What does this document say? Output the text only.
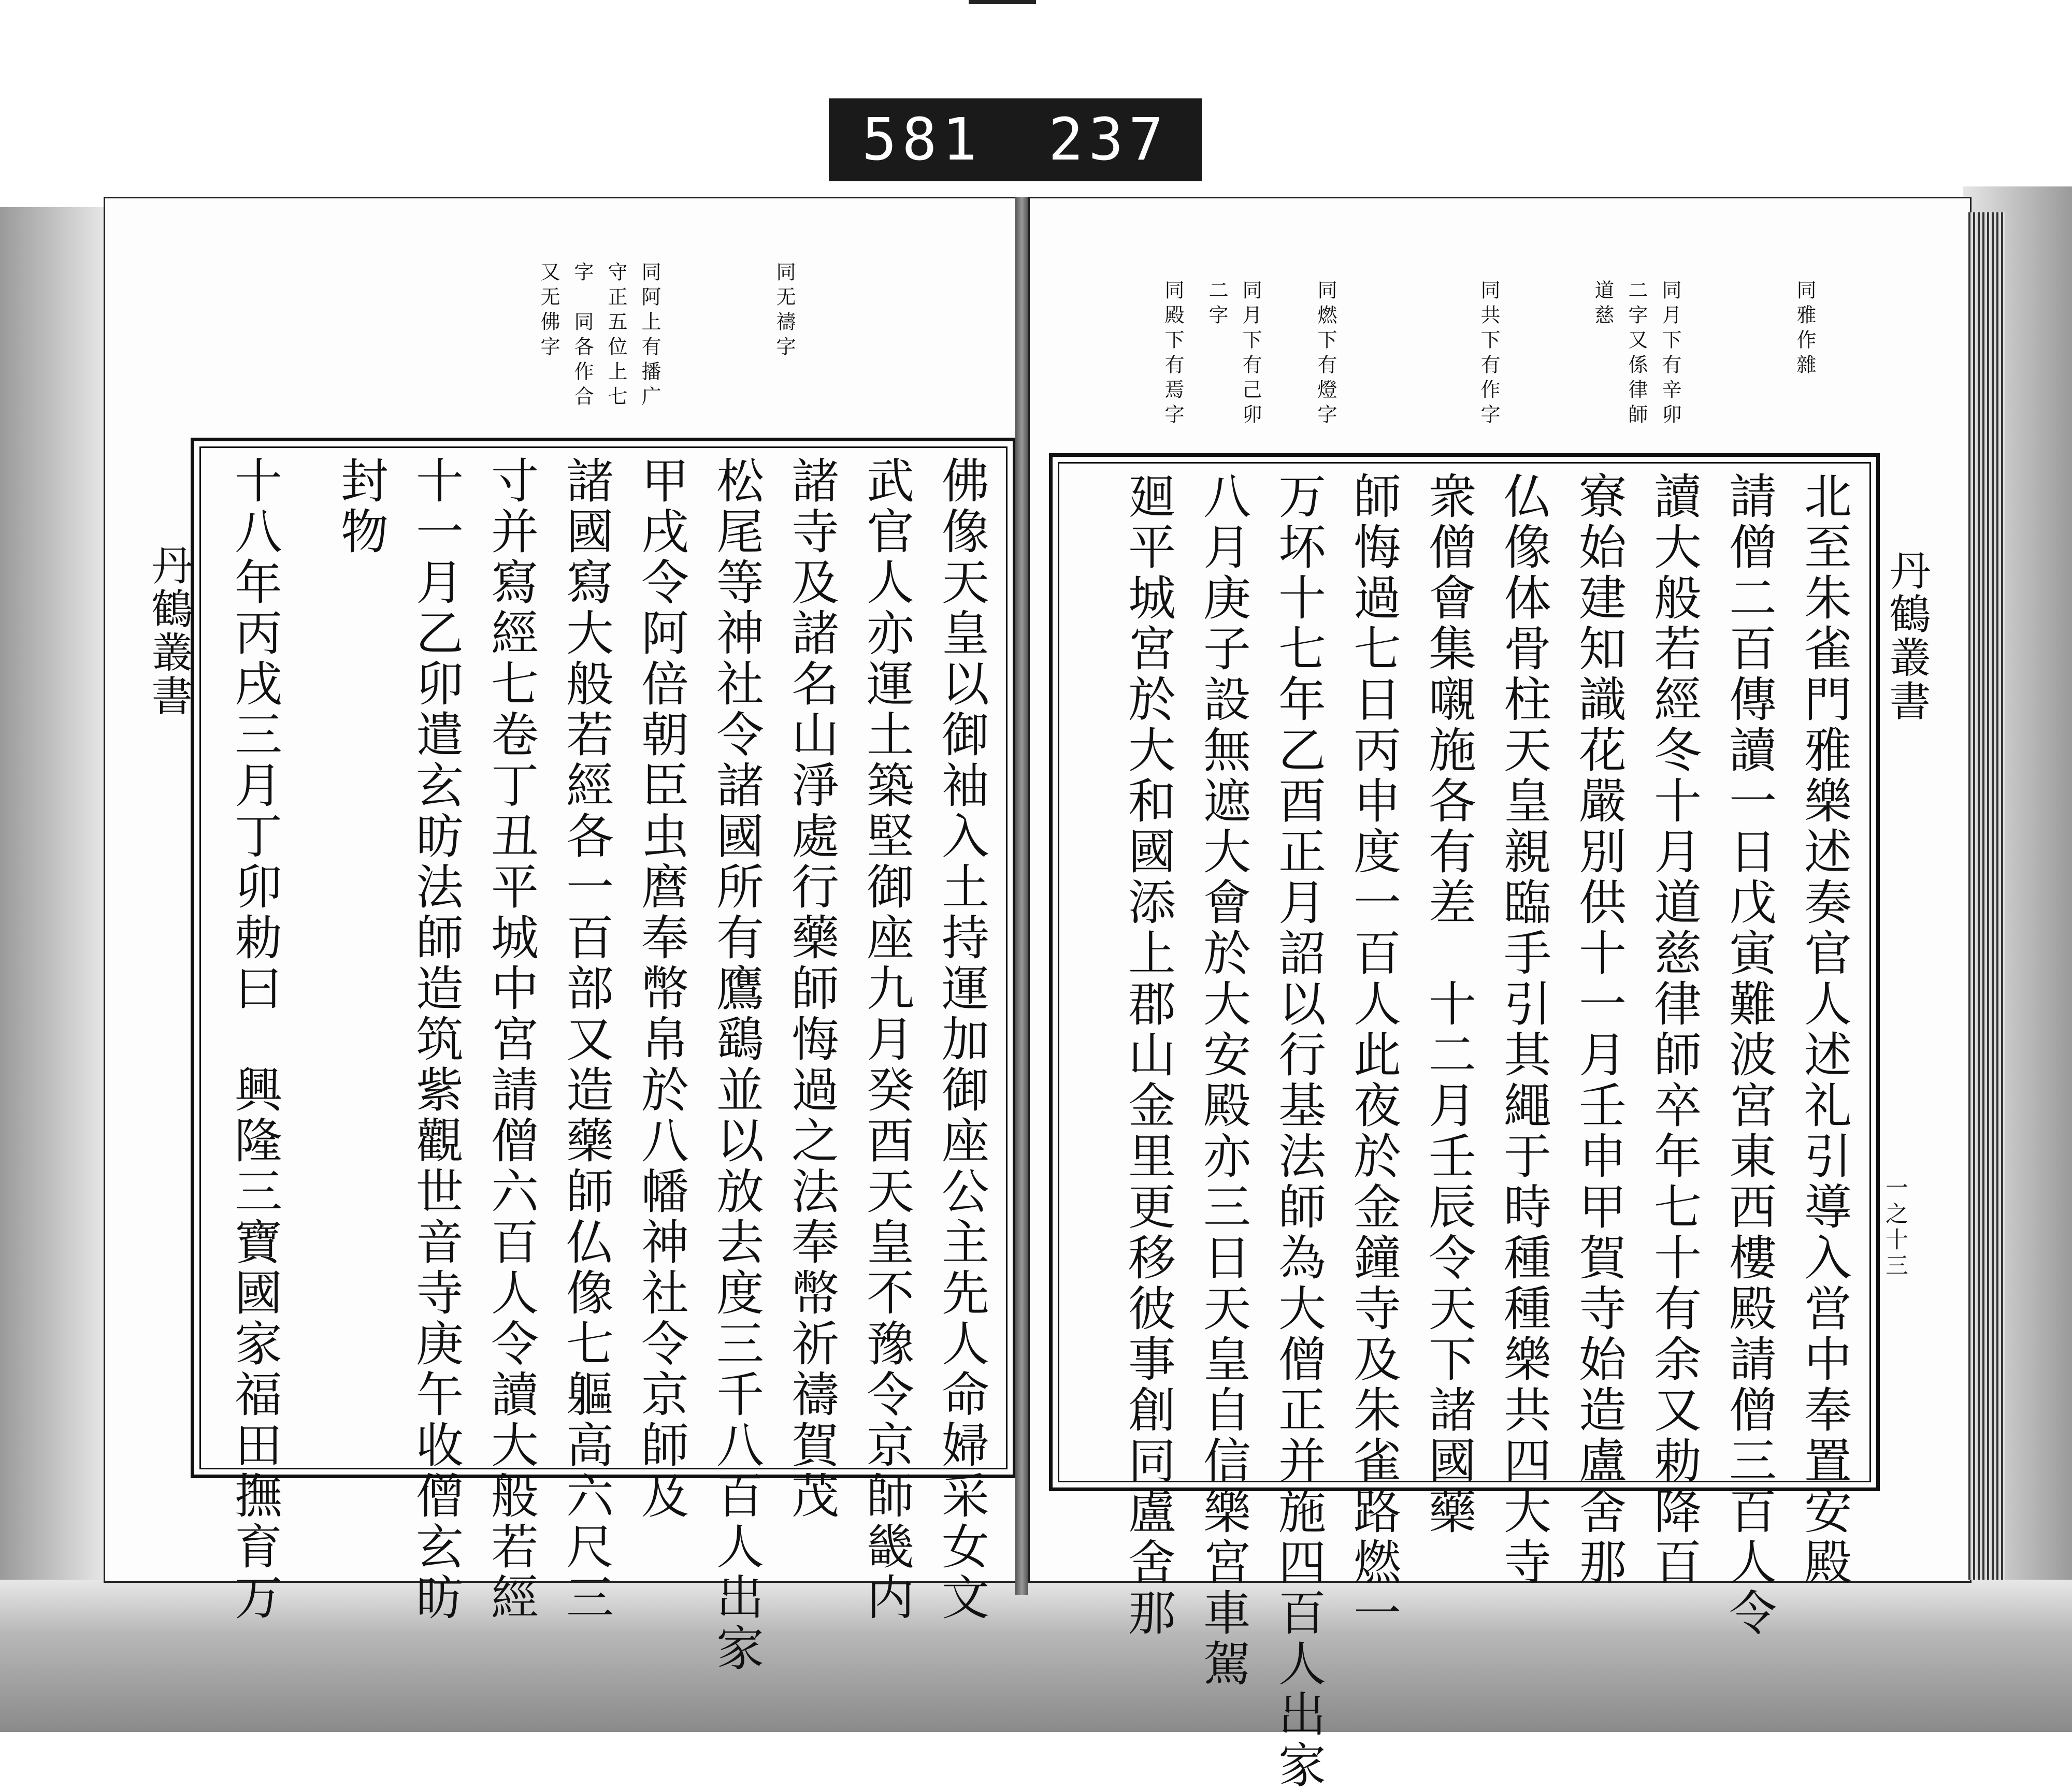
581 237
丹鶴叢書
同无禱字
同阿上有播广
守正五位上七
字　同各作合
又无佛字
佛像天皇以御袖入土持運加御座公主先人命婦采女文
武官人亦運土築堅御座九月癸酉天皇不豫令京師畿内
諸寺及諸名山淨處行藥師悔過之法奉幣祈禱賀茂
松尾等神社令諸國所有鷹鷂並以放去度三千八百人出家
甲戌令阿倍朝臣虫麿奉幣帛於八幡神社令京師及
諸國寫大般若經各一百部又造藥師仏像七軀高六尺三
寸并寫經七卷丁丑平城中宮請僧六百人令讀大般若經
十一月乙卯遣玄昉法師造筑紫觀世音寺庚午收僧玄昉
封物
十八年丙戌三月丁卯勅曰　興隆三寶國家福田撫育万	丹鶴叢書
一之十三
同雅作雜
同月下有辛卯
二字又係律師
道慈
同共下有作字
同燃下有燈字
同月下有己卯
二字
同殿下有焉字
北至朱雀門雅樂述奏官人述礼引導入営中奉置安殿
請僧二百傳讀一日戊寅難波宮東西樓殿請僧三百人令
讀大般若經冬十月道慈律師卒年七十有余又勅降百
寮始建知識花嚴別供十一月壬申甲賀寺始造盧舍那
仏像体骨柱天皇親臨手引其繩于時種種樂共四大寺
衆僧會集嚫施各有差　十二月壬辰令天下諸國藥
師悔過七日丙申度一百人此夜於金鐘寺及朱雀路燃一
万坏十七年乙酉正月詔以行基法師為大僧正并施四百人出家
八月庚子設無遮大會於大安殿亦三日天皇自信樂宮車駕
廻平城宮於大和國添上郡山金里更移彼事創同盧舍那
